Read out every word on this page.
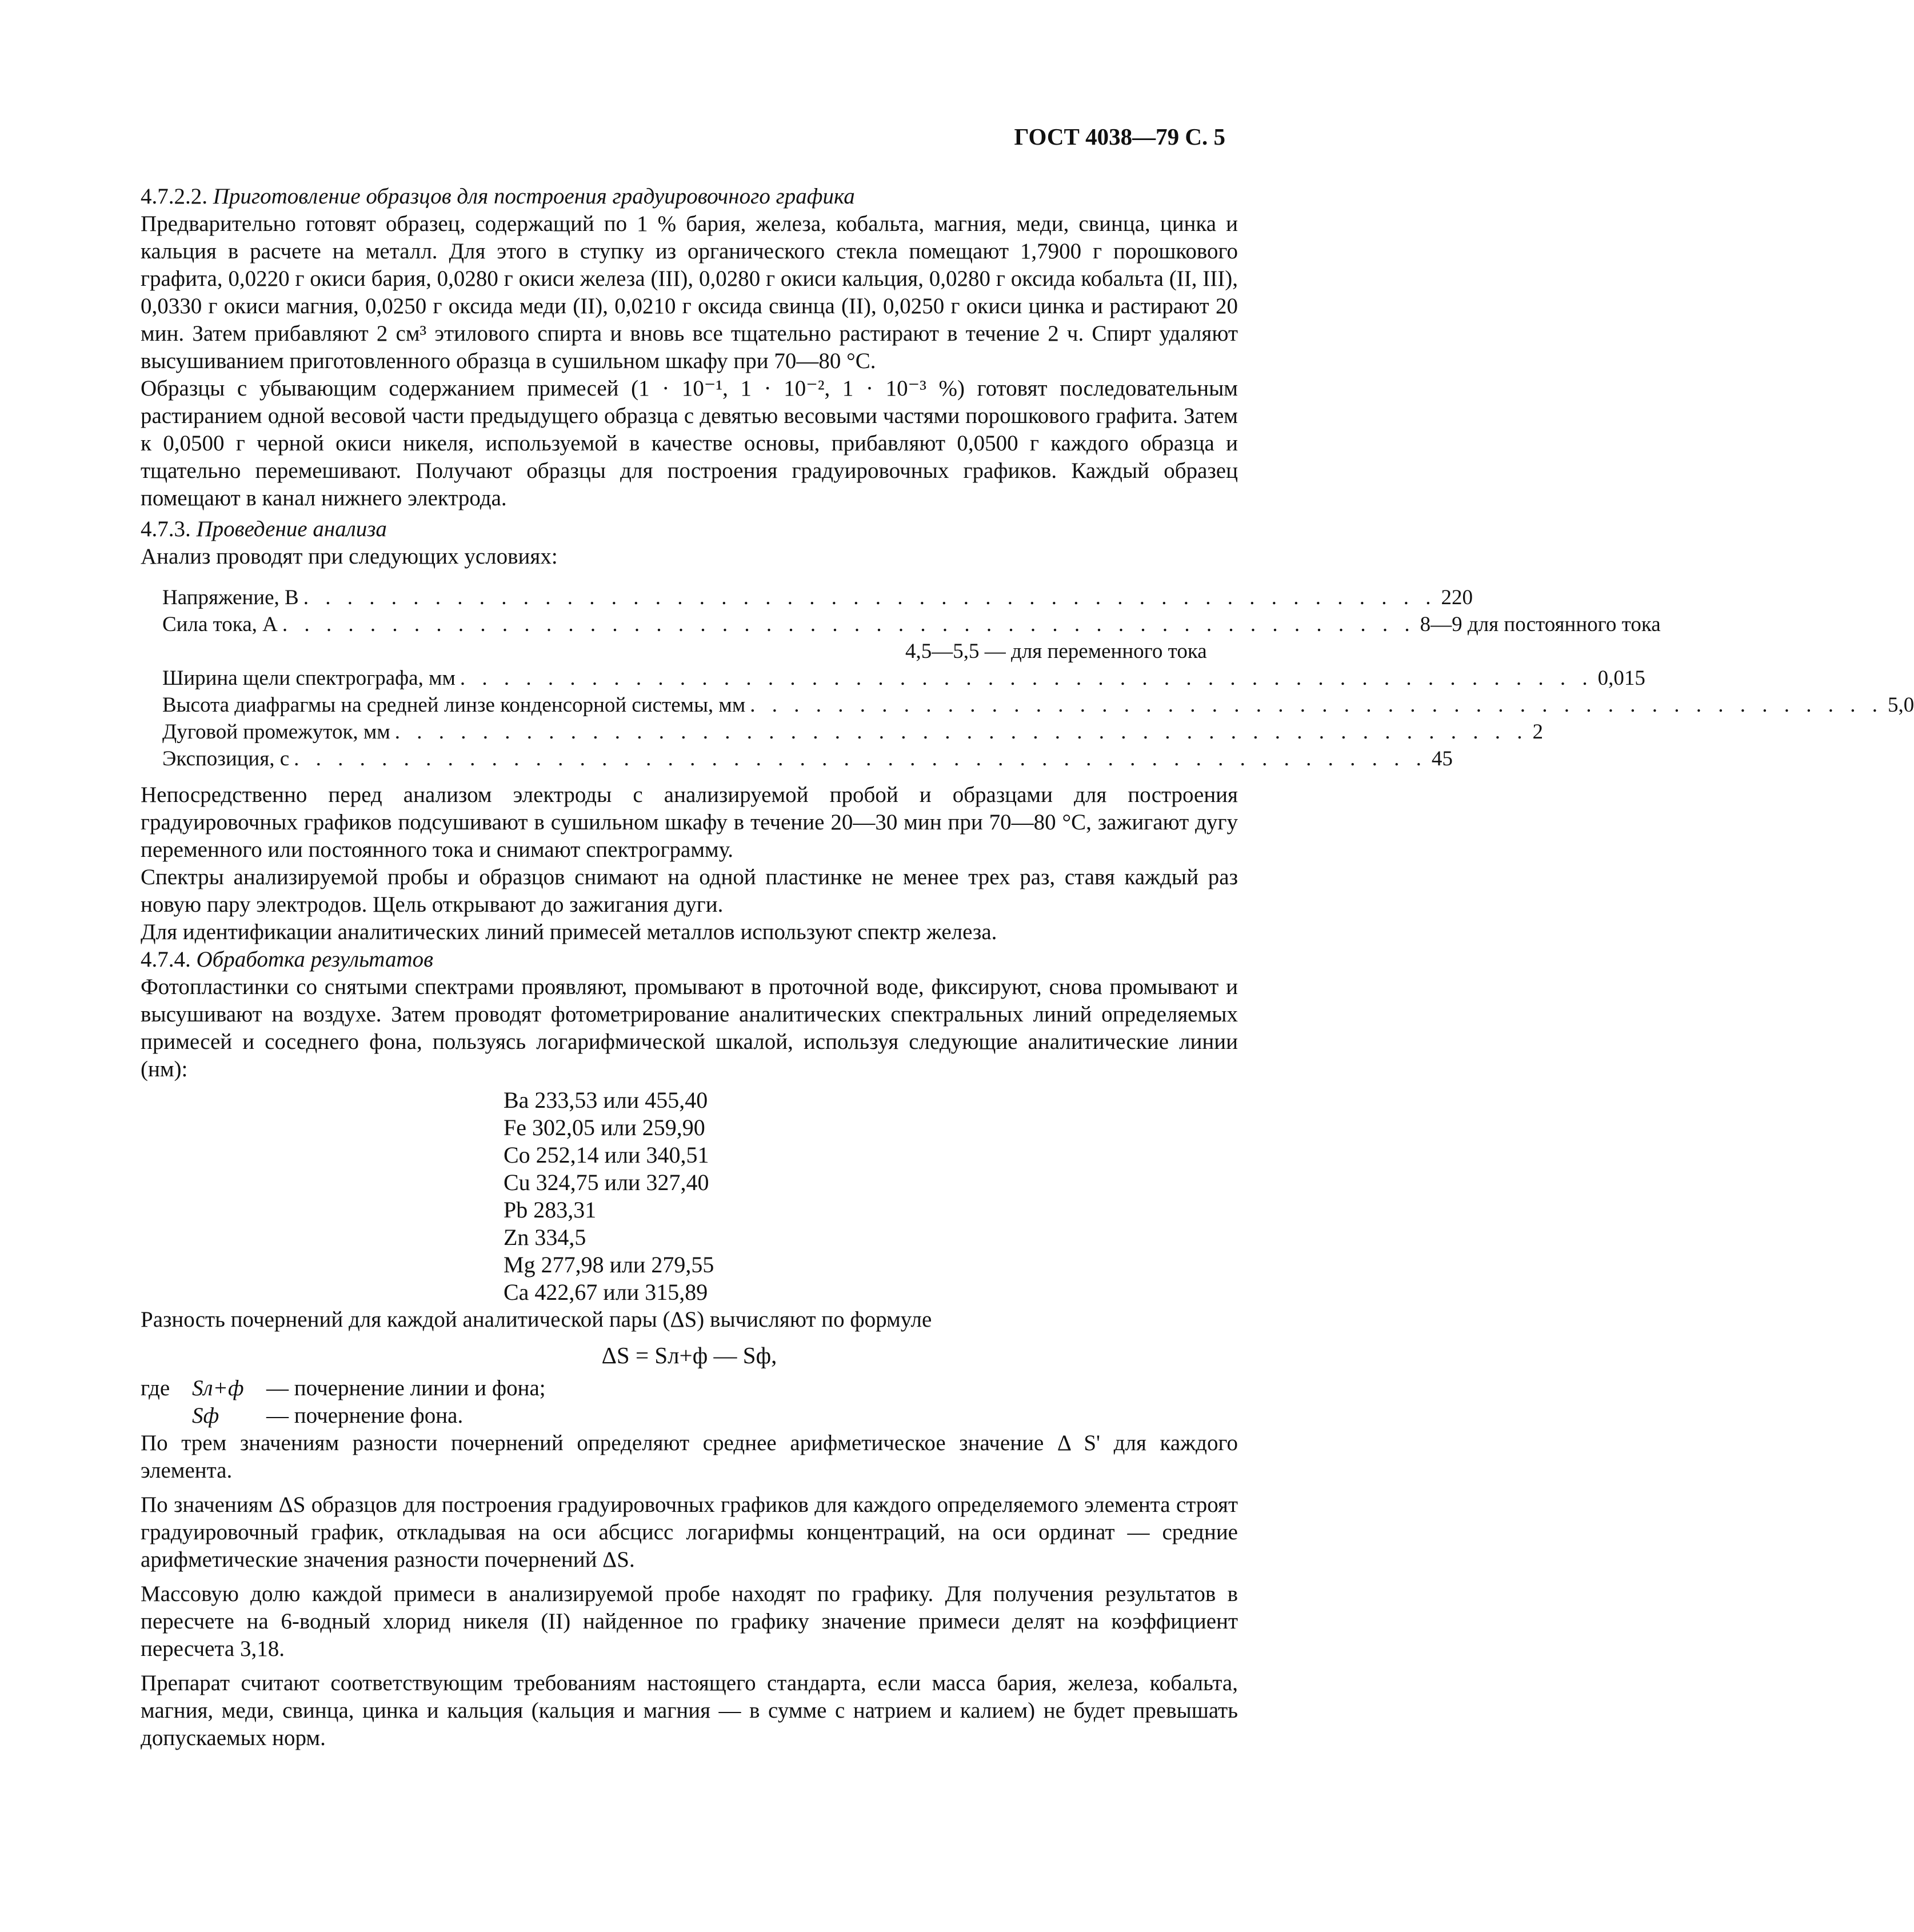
ГОСТ 4038—79 С. 5
4.7.2.2. Приготовление образцов для построения градуировочного графика

Предварительно готовят образец, содержащий по 1 % бария, железа, кобальта, магния, меди, свинца, цинка и кальция в расчете на металл. Для этого в ступку из органического стекла помещают 1,7900 г порошкового графита, 0,0220 г окиси бария, 0,0280 г окиси железа (III), 0,0280 г окиси кальция, 0,0280 г оксида кобальта (II, III), 0,0330 г окиси магния, 0,0250 г оксида меди (II), 0,0210 г оксида свинца (II), 0,0250 г окиси цинка и растирают 20 мин. Затем прибавляют 2 см³ этилового спирта и вновь все тщательно растирают в течение 2 ч. Спирт удаляют высушиванием приготовленного образца в сушильном шкафу при 70—80 °С.

Образцы с убывающим содержанием примесей (1 · 10⁻¹, 1 · 10⁻², 1 · 10⁻³ %) готовят последовательным растиранием одной весовой части предыдущего образца с девятью весовыми частями порошкового графита. Затем к 0,0500 г черной окиси никеля, используемой в качестве основы, прибавляют 0,0500 г каждого образца и тщательно перемешивают. Получают образцы для построения градуировочных графиков. Каждый образец помещают в канал нижнего электрода.

4.7.3. Проведение анализа

Анализ проводят при следующих условиях:

Напряжение, В . . . . . . . . . . . . . . . . . . . . . . . . . . . . . . . . . . . . . . . . . . . . . . . . . . . . 220
Сила тока, А . . . . . . . . . . . . . . . . . . . . . . . . . . . . . . . . . . . . . . . . . . . . . . . . . . . . 8—9 для постоянного тока
4,5—5,5 — для переменного тока
Ширина щели спектрографа, мм . . . . . . . . . . . . . . . . . . . . . . . . . . . . . . . . . . . . . . . . . . . . . . . . . . . . 0,015
Высота диафрагмы на средней линзе конденсорной системы, мм . . . . . . . . . . . . . . . . . . . . . . . . . . . . . . . . . . . . . . . . . . . . . . . . . . . . 5,0
Дуговой промежуток, мм . . . . . . . . . . . . . . . . . . . . . . . . . . . . . . . . . . . . . . . . . . . . . . . . . . . . 2
Экспозиция, с . . . . . . . . . . . . . . . . . . . . . . . . . . . . . . . . . . . . . . . . . . . . . . . . . . . . 45

Непосредственно перед анализом электроды с анализируемой пробой и образцами для построения градуировочных графиков подсушивают в сушильном шкафу в течение 20—30 мин при 70—80 °С, зажигают дугу переменного или постоянного тока и снимают спектрограмму.

Спектры анализируемой пробы и образцов снимают на одной пластинке не менее трех раз, ставя каждый раз новую пару электродов. Щель открывают до зажигания дуги.

Для идентификации аналитических линий примесей металлов используют спектр железа.

4.7.4. Обработка результатов

Фотопластинки со снятыми спектрами проявляют, промывают в проточной воде, фиксируют, снова промывают и высушивают на воздухе. Затем проводят фотометрирование аналитических спектральных линий определяемых примесей и соседнего фона, пользуясь логарифмической шкалой, используя следующие аналитические линии (нм):

Ba 233,53 или 455,40
Fe 302,05 или 259,90
Co 252,14 или 340,51
Cu 324,75 или 327,40
Pb 283,31
Zn 334,5
Mg 277,98 или 279,55
Ca 422,67 или 315,89

Разность почернений для каждой аналитической пары (ΔS) вычисляют по формуле

ΔS = Sл+ф — Sф,
где Sл+ф	— почернение линии и фона;
Sф	— почернение фона.

По трем значениям разности почернений определяют среднее арифметическое значение Δ S' для каждого элемента.

По значениям ΔS образцов для построения градуировочных графиков для каждого определяемого элемента строят градуировочный график, откладывая на оси абсцисс логарифмы концентраций, на оси ординат — средние арифметические значения разности почернений ΔS.

Массовую долю каждой примеси в анализируемой пробе находят по графику. Для получения результатов в пересчете на 6-водный хлорид никеля (II) найденное по графику значение примеси делят на коэффициент пересчета 3,18.

Препарат считают соответствующим требованиям настоящего стандарта, если масса бария, железа, кобальта, магния, меди, свинца, цинка и кальция (кальция и магния — в сумме с натрием и калием) не будет превышать допускаемых норм.
